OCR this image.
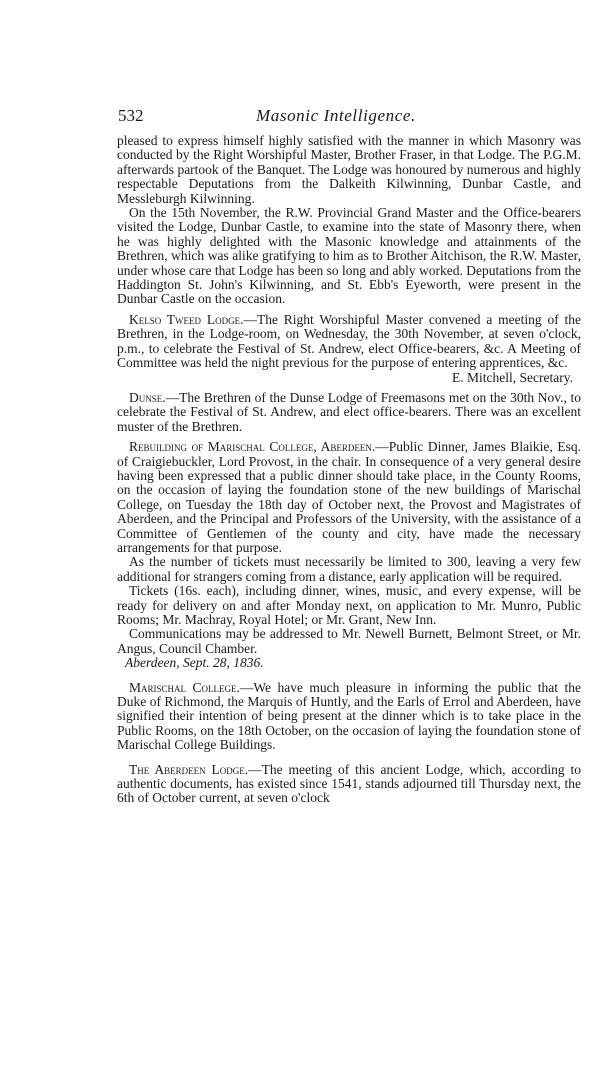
532	Masonic Intelligence.

pleased to express himself highly satisfied with the manner in which Masonry was conducted by the Right Worshipful Master, Brother Fraser, in that Lodge. The P.G.M. afterwards partook of the Banquet. The Lodge was honoured by numerous and highly respectable Deputations from the Dalkeith Kilwinning, Dunbar Castle, and Messleburgh Kilwinning.

On the 15th November, the R.W. Provincial Grand Master and the Office-bearers visited the Lodge, Dunbar Castle, to examine into the state of Masonry there, when he was highly delighted with the Masonic knowledge and attainments of the Brethren, which was alike gratifying to him as to Brother Aitchison, the R.W. Master, under whose care that Lodge has been so long and ably worked. Deputations from the Haddington St. John's Kilwinning, and St. Ebb's Eyeworth, were present in the Dunbar Castle on the occasion.

Kelso Tweed Lodge.—The Right Worshipful Master convened a meeting of the Brethren, in the Lodge-room, on Wednesday, the 30th November, at seven o'clock, p.m., to celebrate the Festival of St. Andrew, elect Office-bearers, &c. A Meeting of Committee was held the night previous for the purpose of entering apprentices, &c.

E. Mitchell, Secretary.

Dunse.—The Brethren of the Dunse Lodge of Freemasons met on the 30th Nov., to celebrate the Festival of St. Andrew, and elect office-bearers. There was an excellent muster of the Brethren.

Rebuilding of Marischal College, Aberdeen.—Public Dinner, James Blaikie, Esq. of Craigiebuckler, Lord Provost, in the chair. In consequence of a very general desire having been expressed that a public dinner should take place, in the County Rooms, on the occasion of laying the foundation stone of the new buildings of Marischal College, on Tuesday the 18th day of October next, the Provost and Magistrates of Aberdeen, and the Principal and Professors of the University, with the assistance of a Committee of Gentlemen of the county and city, have made the necessary arrangements for that purpose.

As the number of tickets must necessarily be limited to 300, leaving a very few additional for strangers coming from a distance, early application will be required.

Tickets (16s. each), including dinner, wines, music, and every expense, will be ready for delivery on and after Monday next, on application to Mr. Munro, Public Rooms; Mr. Machray, Royal Hotel; or Mr. Grant, New Inn.

Communications may be addressed to Mr. Newell Burnett, Belmont Street, or Mr. Angus, Council Chamber.

Aberdeen, Sept. 28, 1836.

Marischal College.—We have much pleasure in informing the public that the Duke of Richmond, the Marquis of Huntly, and the Earls of Errol and Aberdeen, have signified their intention of being present at the dinner which is to take place in the Public Rooms, on the 18th October, on the occasion of laying the foundation stone of Marischal College Buildings.

The Aberdeen Lodge.—The meeting of this ancient Lodge, which, according to authentic documents, has existed since 1541, stands adjourned till Thursday next, the 6th of October current, at seven o'clock
